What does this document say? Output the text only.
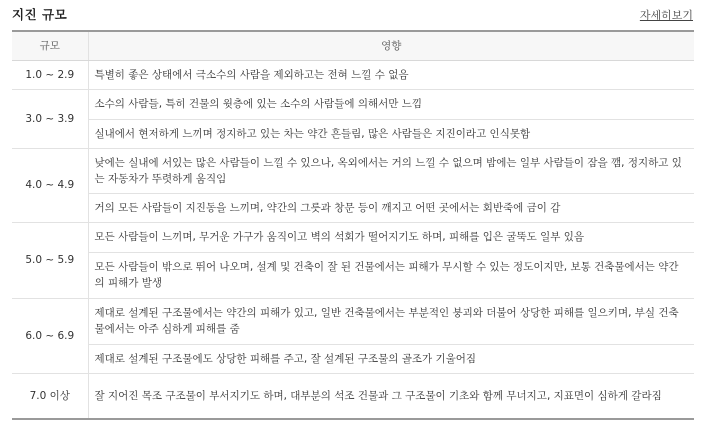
지진 규모	자세히보기
규모	영향
1.0 ~ 2.9	특별히 좋은 상태에서 극소수의 사람을 제외하고는 전혀 느낄 수 없음
3.0 ~ 3.9	소수의 사람들, 특히 건물의 윗층에 있는 소수의 사람들에 의해서만 느낌
	실내에서 현저하게 느끼며 정지하고 있는 차는 약간 흔들림, 많은 사람들은 지진이라고 인식못함
4.0 ~ 4.9	낮에는 실내에 서있는 많은 사람들이 느낄 수 있으나, 옥외에서는 거의 느낄 수 없으며 밤에는 일부 사람들이 잠을 깸, 정지하고 있는 자동차가 뚜렷하게 움직임
	거의 모든 사람들이 지진동을 느끼며, 약간의 그릇과 창문 등이 깨지고 어떤 곳에서는 회반죽에 금이 감
5.0 ~ 5.9	모든 사람들이 느끼며, 무거운 가구가 움직이고 벽의 석회가 떨어지기도 하며, 피해를 입은 굴뚝도 일부 있음
	모든 사람들이 밖으로 뛰어 나오며, 설계 및 건축이 잘 된 건물에서는 피해가 무시할 수 있는 정도이지만, 보통 건축물에서는 약간의 피해가 발생
6.0 ~ 6.9	제대로 설계된 구조물에서는 약간의 피해가 있고, 일반 건축물에서는 부분적인 붕괴와 더불어 상당한 피해를 일으키며, 부실 건축물에서는 아주 심하게 피해를 줌
	제대로 설계된 구조물에도 상당한 피해를 주고, 잘 설계된 구조물의 골조가 기울어짐
7.0 이상	잘 지어진 목조 구조물이 부서지기도 하며, 대부분의 석조 건물과 그 구조물이 기초와 함께 무너지고, 지표면이 심하게 갈라짐
